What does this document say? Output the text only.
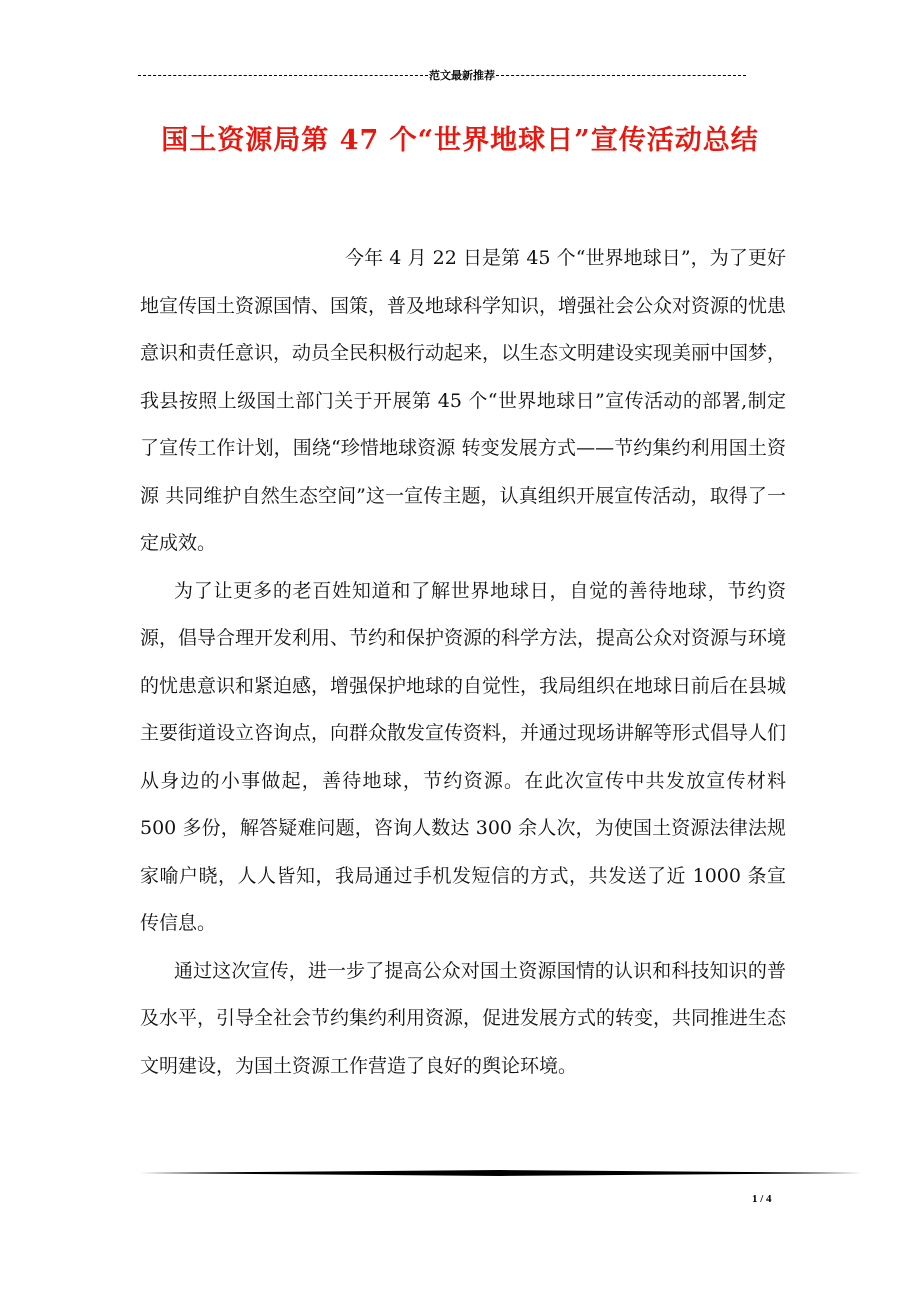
范文最新推荐
国土资源局第 47 个“世界地球日”宣传活动总结

今年 4 月 22 日是第 45 个“世界地球日”，为了更好地宣传国土资源国情、国策，普及地球科学知识，增强社会公众对资源的忧患意识和责任意识，动员全民积极行动起来，以生态文明建设实现美丽中国梦，我县按照上级国土部门关于开展第 45 个“世界地球日”宣传活动的部署,制定了宣传工作计划，围绕“珍惜地球资源 转变发展方式——节约集约利用国土资源 共同维护自然生态空间”这一宣传主题，认真组织开展宣传活动，取得了一定成效。

为了让更多的老百姓知道和了解世界地球日，自觉的善待地球，节约资源，倡导合理开发利用、节约和保护资源的科学方法，提高公众对资源与环境的忧患意识和紧迫感，增强保护地球的自觉性，我局组织在地球日前后在县城主要街道设立咨询点，向群众散发宣传资料，并通过现场讲解等形式倡导人们从身边的小事做起，善待地球，节约资源。在此次宣传中共发放宣传材料 500 多份，解答疑难问题，咨询人数达 300 余人次，为使国土资源法律法规家喻户晓，人人皆知，我局通过手机发短信的方式，共发送了近 1000 条宣传信息。

通过这次宣传，进一步了提高公众对国土资源国情的认识和科技知识的普及水平，引导全社会节约集约利用资源，促进发展方式的转变，共同推进生态文明建设，为国土资源工作营造了良好的舆论环境。

1 / 4
